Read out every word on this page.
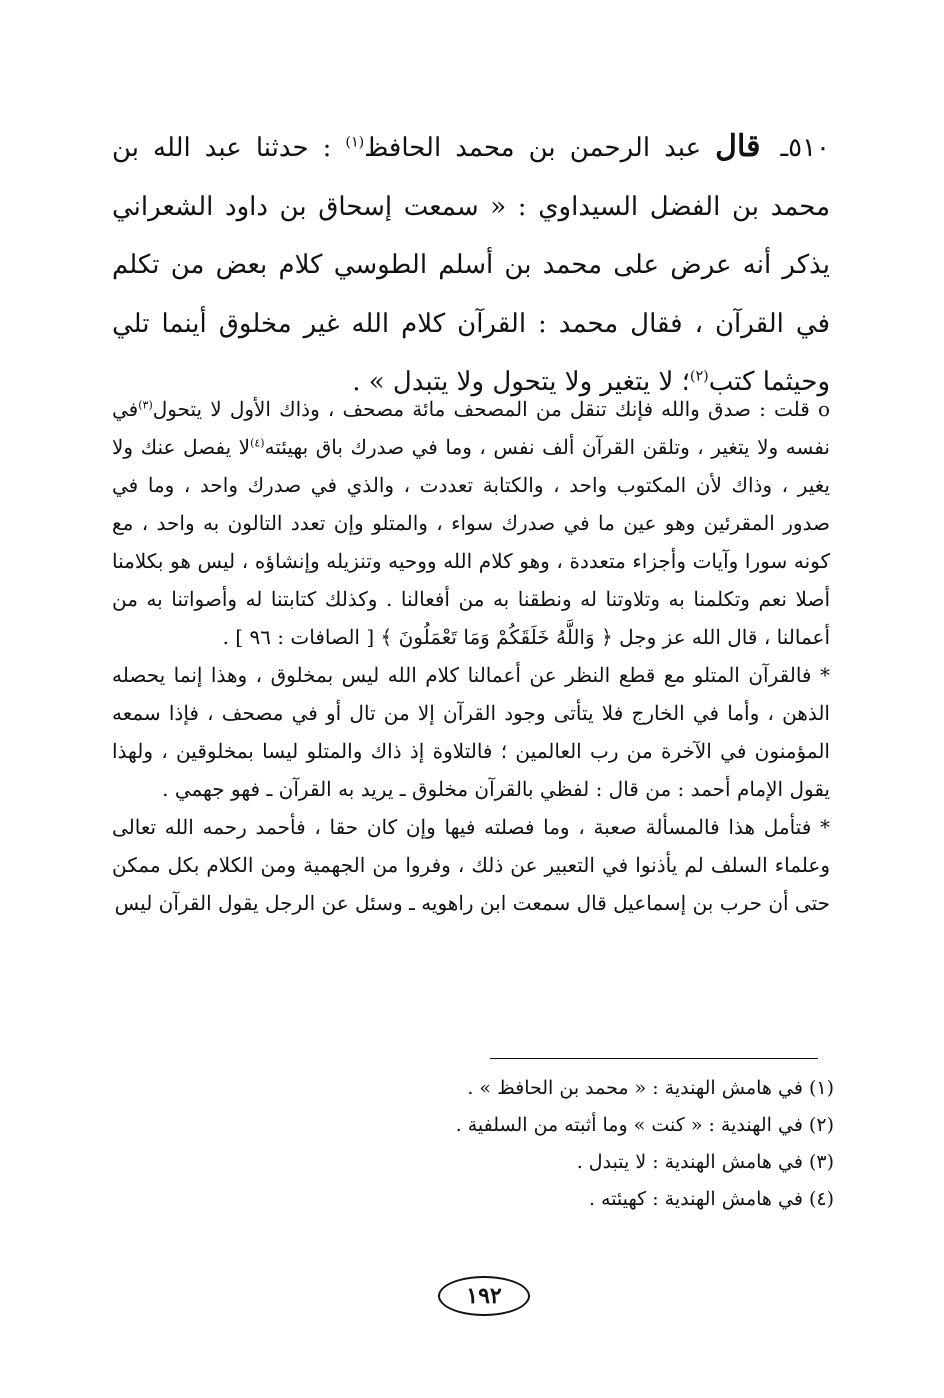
٥١٠ـ قال عبد الرحمن بن محمد الحافظ$^{(١)}$ : حدثنا عبد الله بن محمد بن الفضل السيداوي : « سمعت إسحاق بن داود الشعراني يذكر أنه عرض على محمد بن أسلم الطوسي كلام بعض من تكلم في القرآن ، فقال محمد : القرآن كلام الله غير مخلوق أينما تلي وحيثما كتب$^{(٢)}$؛ لا يتغير ولا يتحول ولا يتبدل » .

o قلت : صدق والله فإنك تنقل من المصحف مائة مصحف ، وذاك الأول لا يتحول$^{(٣)}$في نفسه ولا يتغير ، وتلقن القرآن ألف نفس ، وما في صدرك باق بهيئته$^{(٤)}$لا يفصل عنك ولا يغير ، وذاك لأن المكتوب واحد ، والكتابة تعددت ، والذي في صدرك واحد ، وما في صدور المقرئين وهو عين ما في صدرك سواء ، والمتلو وإن تعدد التالون به واحد ، مع كونه سورا وآيات وأجزاء متعددة ، وهو كلام الله ووحيه وتنزيله وإنشاؤه ، ليس هو بكلامنا أصلا نعم وتكلمنا به وتلاوتنا له ونطقنا به من أفعالنا . وكذلك كتابتنا له وأصواتنا به من أعمالنا ، قال الله عز وجل ﴿ وَاللَّهُ خَلَقَكُمْ وَمَا تَعْمَلُونَ ﴾ [ الصافات : ٩٦ ] .

* فالقرآن المتلو مع قطع النظر عن أعمالنا كلام الله ليس بمخلوق ، وهذا إنما يحصله الذهن ، وأما في الخارج فلا يتأتى وجود القرآن إلا من تال أو في مصحف ، فإذا سمعه المؤمنون في الآخرة من رب العالمين ؛ فالتلاوة إذ ذاك والمتلو ليسا بمخلوقين ، ولهذا يقول الإمام أحمد : من قال : لفظي بالقرآن مخلوق ـ يريد به القرآن ـ فهو جهمي .

* فتأمل هذا فالمسألة صعبة ، وما فصلته فيها وإن كان حقا ، فأحمد رحمه الله تعالى وعلماء السلف لم يأذنوا في التعبير عن ذلك ، وفروا من الجهمية ومن الكلام بكل ممكن حتى أن حرب بن إسماعيل قال سمعت ابن راهويه ـ وسئل عن الرجل يقول القرآن ليس

(١) في هامش الهندية : « محمد بن الحافظ » .
(٢) في الهندية : « كنت » وما أثبته من السلفية .
(٣) في هامش الهندية : لا يتبدل .
(٤) في هامش الهندية : كهيئته .
١٩٢
